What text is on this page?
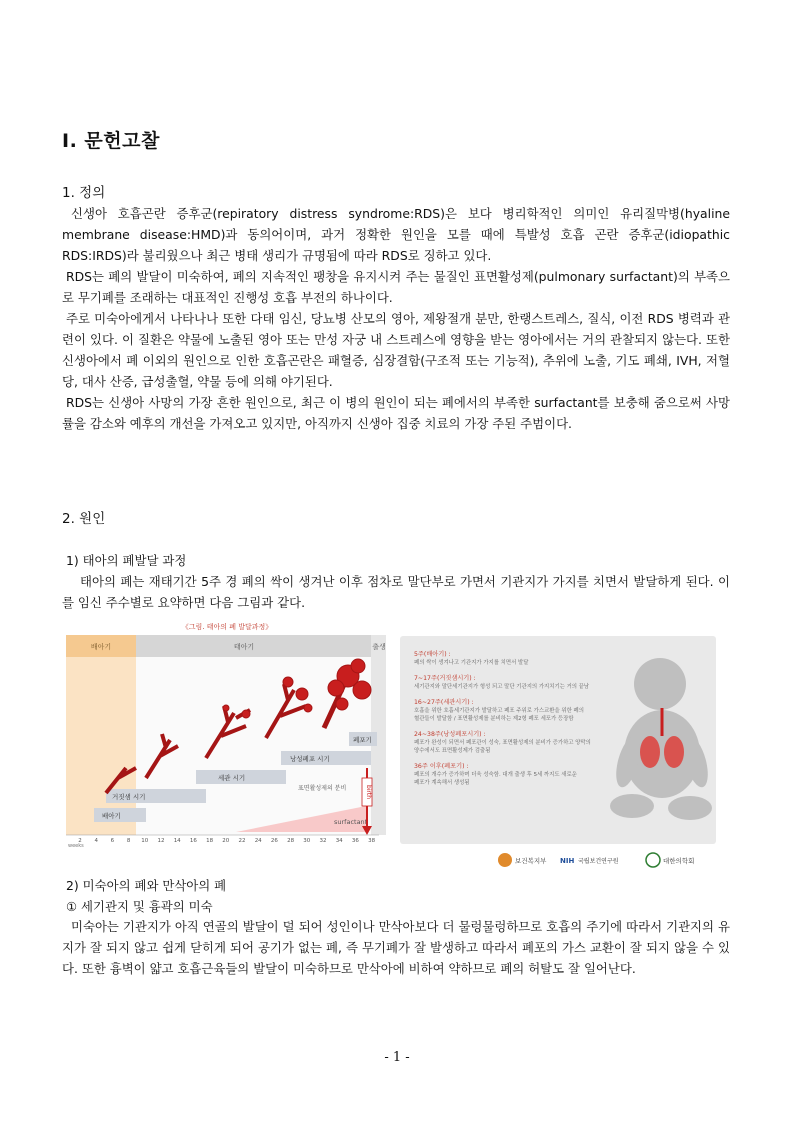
Ⅰ. 문헌고찰
1. 정의

신생아 호흡곤란 증후군(repiratory distress syndrome:RDS)은 보다 병리학적인 의미인 유리질막병(hyaline membrane disease:HMD)과 동의어이며, 과거 정확한 원인을 모를 때에 특발성 호흡 곤란 증후군(idiopathic RDS:IRDS)라 불리웠으나 최근 병태 생리가 규명됨에 따라 RDS로 징하고 있다.

RDS는 폐의 발달이 미숙하여, 폐의 지속적인 팽창을 유지시켜 주는 물질인 표면활성제(pulmonary surfactant)의 부족으로 무기폐를 조래하는 대표적인 진행성 호흡 부전의 하나이다.

주로 미숙아에게서 나타나나 또한 다태 임신, 당뇨병 산모의 영아, 제왕절개 분만, 한랭스트레스, 질식, 이전 RDS 병력과 관련이 있다. 이 질환은 약물에 노출된 영아 또는 만성 자궁 내 스트레스에 영향을 받는 영아에서는 거의 관찰되지 않는다. 또한 신생아에서 폐 이외의 원인으로 인한 호흡곤란은 패혈증, 심장결함(구조적 또는 기능적), 추위에 노출, 기도 폐쇄, IVH, 저혈당, 대사 산증, 급성출혈, 약물 등에 의해 야기된다.

RDS는 신생아 사망의 가장 흔한 원인으로, 최근 이 병의 원인이 되는 폐에서의 부족한 surfactant를 보충해 줌으로써 사망률을 감소와 예후의 개선을 가져오고 있지만, 아직까지 신생아 집중 치료의 가장 주된 주범이다.

2. 원인
1) 태아의 폐발달 과정
태아의 폐는 재태기간 5주 경 폐의 싹이 생겨난 이후 점차로 말단부로 가면서 기관지가 가지를 치면서 발달하게 된다. 이를 임신 주수별로 요약하면 다음 그림과 같다.
《그림. 태아의 폐 발달과정》
배아기	태아기	출생
surfactant
배아기
거짓샘 시기
세관 시기
낭성폐포 시기
폐포기
표면활성제의 분비	birth
weeks
2 4 6 8 10 12 14 16 18 20 22 24 26 28 30 32 34 36 38
5주(배아기) :
폐의 싹이 생겨나고 기관지가 가지를 치면서 발달
7~17주(거짓샘시기) :
세기관지와 말단세기관지가 형성 되고 말단 기관지의 가지치기는 거의 끝남
16~27주(세관시기) :
호흡을 위한 호흡세기관지가 발달하고 폐포 주위로 가스교환을 위한 폐의 혈관들이 발달함 / 표면활성제를 분비하는 제2형 폐포 세포가 등장함
24~38주(낭성폐포시기) :
폐포가 완성이 되면서 폐포관이 성숙, 표면활성제의 분비가 증가하고 양막의 양수에서도 표면활성제가 검출됨
36주 이후(폐포기) :
폐포의 개수가 증가하며 더욱 성숙함. 대개 출생 후 5세 까지도 새로운 폐포가 계속해서 생성됨
보건복지부 NIH 국립보건연구원	대한의학회
2) 미숙아의 폐와 만삭아의 폐
① 세기관지 및 흉곽의 미숙
미숙아는 기관지가 아직 연골의 발달이 덜 되어 성인이나 만삭아보다 더 물렁물렁하므로 호흡의 주기에 따라서 기관지의 유지가 잘 되지 않고 쉽게 닫히게 되어 공기가 없는 폐, 즉 무기폐가 잘 발생하고 따라서 폐포의 가스 교환이 잘 되지 않을 수 있다. 또한 흉벽이 얇고 호흡근육들의 발달이 미숙하므로 만삭아에 비하여 약하므로 폐의 허탈도 잘 일어난다.
- 1 -
